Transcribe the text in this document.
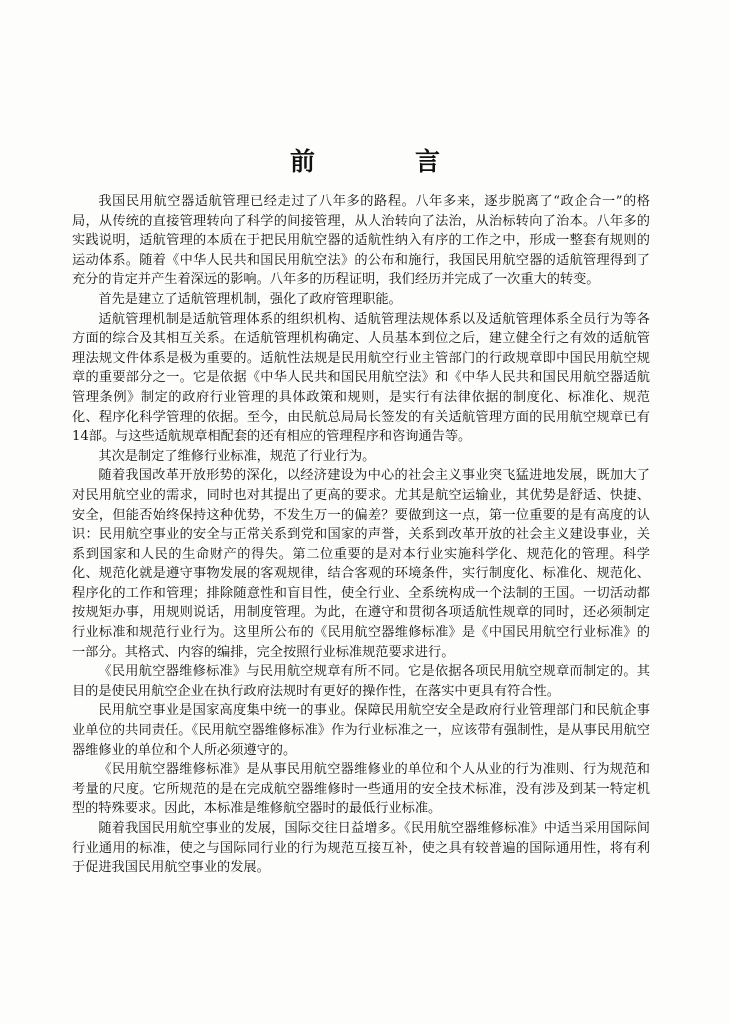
前	言

我国民用航空器适航管理已经走过了八年多的路程。八年多来，逐步脱离了“政企合一”的格局，从传统的直接管理转向了科学的间接管理，从人治转向了法治，从治标转向了治本。八年多的实践说明，适航管理的本质在于把民用航空器的适航性纳入有序的工作之中，形成一整套有规则的运动体系。随着《中华人民共和国民用航空法》的公布和施行，我国民用航空器的适航管理得到了充分的肯定并产生着深远的影响。八年多的历程证明，我们经历并完成了一次重大的转变。

首先是建立了适航管理机制，强化了政府管理职能。

适航管理机制是适航管理体系的组织机构、适航管理法规体系以及适航管理体系全员行为等各方面的综合及其相互关系。在适航管理机构确定、人员基本到位之后，建立健全行之有效的适航管理法规文件体系是极为重要的。适航性法规是民用航空行业主管部门的行政规章即中国民用航空规章的重要部分之一。它是依据《中华人民共和国民用航空法》和《中华人民共和国民用航空器适航管理条例》制定的政府行业管理的具体政策和规则，是实行有法律依据的制度化、标准化、规范化、程序化科学管理的依据。至今，由民航总局局长签发的有关适航管理方面的民用航空规章已有14部。与这些适航规章相配套的还有相应的管理程序和咨询通告等。

其次是制定了维修行业标准，规范了行业行为。

随着我国改革开放形势的深化，以经济建设为中心的社会主义事业突飞猛进地发展，既加大了对民用航空业的需求，同时也对其提出了更高的要求。尤其是航空运输业，其优势是舒适、快捷、安全，但能否始终保持这种优势，不发生万一的偏差？要做到这一点，第一位重要的是有高度的认识：民用航空事业的安全与正常关系到党和国家的声誉，关系到改革开放的社会主义建设事业，关系到国家和人民的生命财产的得失。第二位重要的是对本行业实施科学化、规范化的管理。科学化、规范化就是遵守事物发展的客观规律，结合客观的环境条件，实行制度化、标准化、规范化、程序化的工作和管理；排除随意性和盲目性，使全行业、全系统构成一个法制的王国。一切活动都按规矩办事，用规则说话，用制度管理。为此，在遵守和贯彻各项适航性规章的同时，还必须制定行业标准和规范行业行为。这里所公布的《民用航空器维修标准》是《中国民用航空行业标准》的一部分。其格式、内容的编排，完全按照行业标准规范要求进行。

《民用航空器维修标准》与民用航空规章有所不同。它是依据各项民用航空规章而制定的。其目的是使民用航空企业在执行政府法规时有更好的操作性，在落实中更具有符合性。

民用航空事业是国家高度集中统一的事业。保障民用航空安全是政府行业管理部门和民航企事业单位的共同责任。《民用航空器维修标准》作为行业标准之一，应该带有强制性，是从事民用航空器维修业的单位和个人所必须遵守的。

《民用航空器维修标准》是从事民用航空器维修业的单位和个人从业的行为准则、行为规范和考量的尺度。它所规范的是在完成航空器维修时一些通用的安全技术标准，没有涉及到某一特定机型的特殊要求。因此，本标准是维修航空器时的最低行业标准。

随着我国民用航空事业的发展，国际交往日益增多。《民用航空器维修标准》中适当采用国际间行业通用的标准，使之与国际同行业的行为规范互接互补，使之具有较普遍的国际通用性，将有利于促进我国民用航空事业的发展。
